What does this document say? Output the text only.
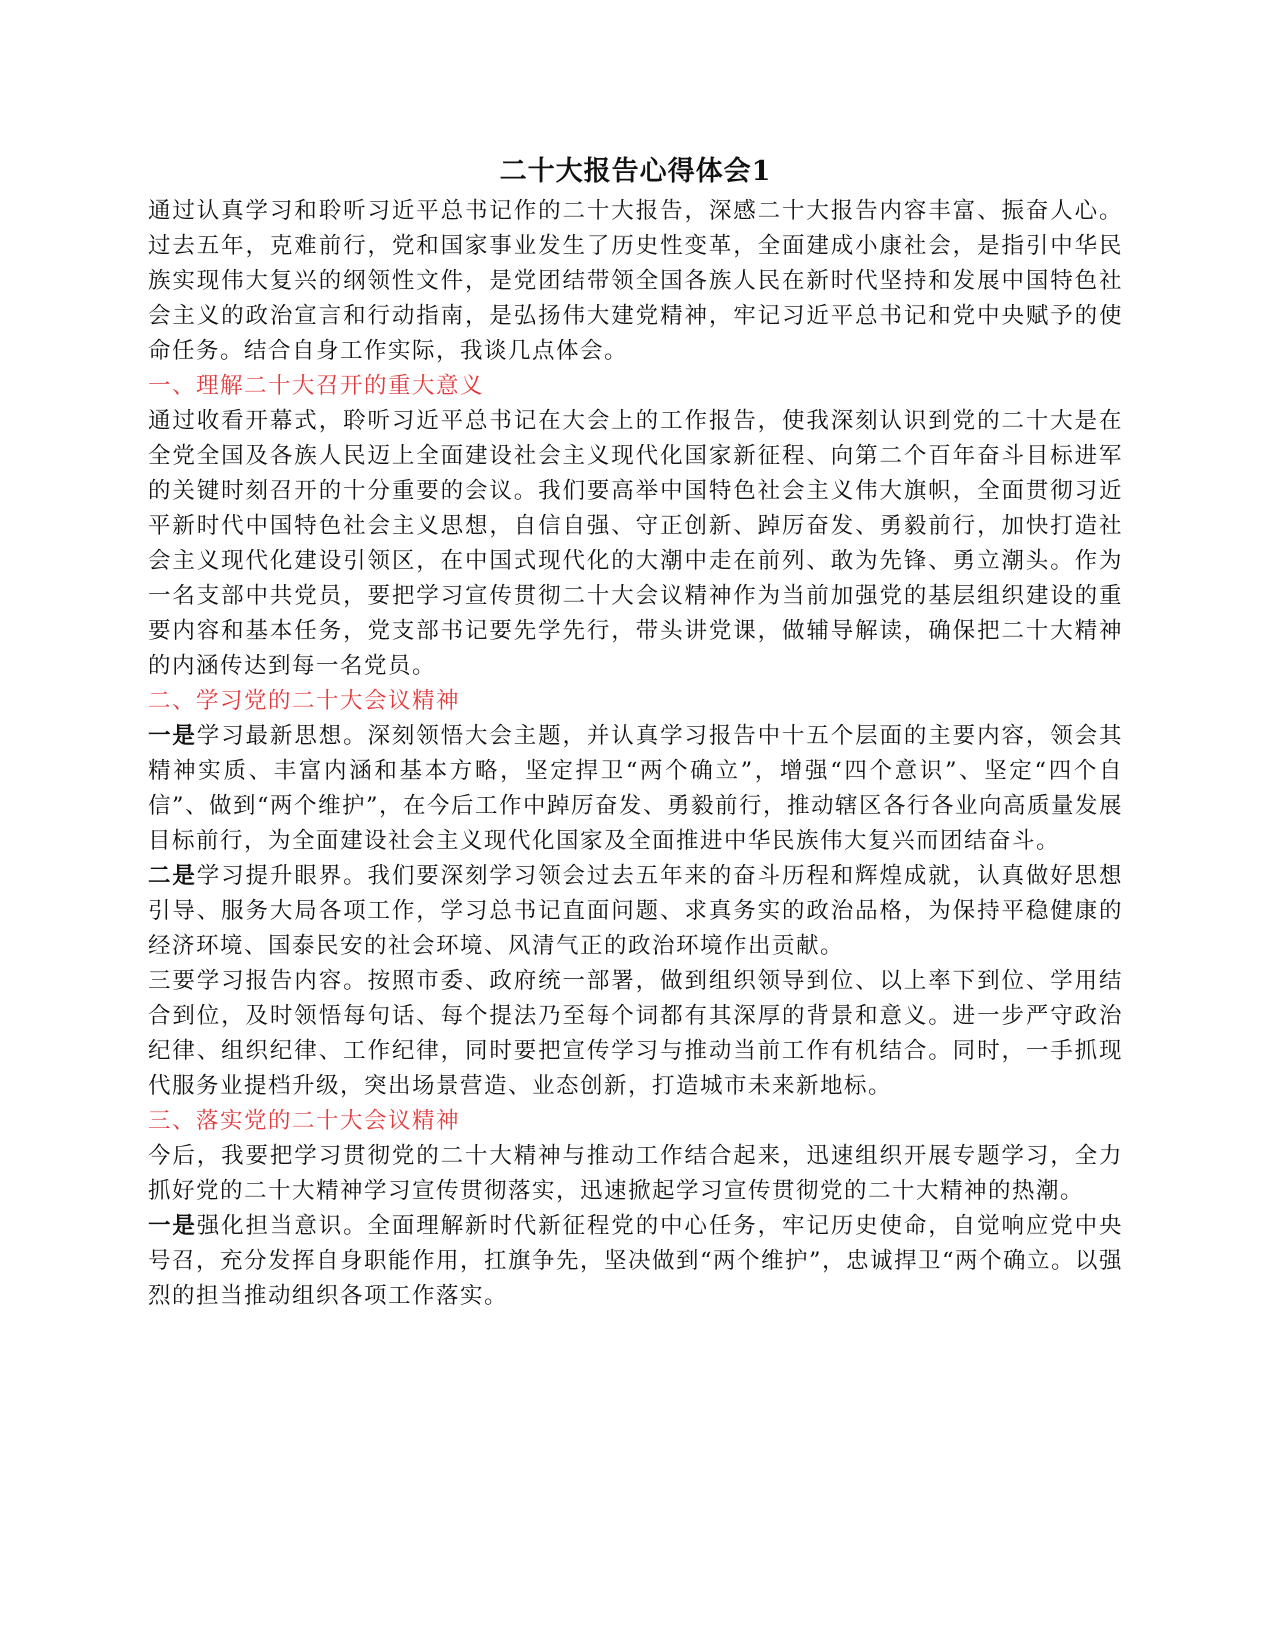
二十大报告心得体会1

通过认真学习和聆听习近平总书记作的二十大报告，深感二十大报告内容丰富、振奋人心。过去五年，克难前行，党和国家事业发生了历史性变革，全面建成小康社会，是指引中华民族实现伟大复兴的纲领性文件，是党团结带领全国各族人民在新时代坚持和发展中国特色社会主义的政治宣言和行动指南，是弘扬伟大建党精神，牢记习近平总书记和党中央赋予的使命任务。结合自身工作实际，我谈几点体会。

一、理解二十大召开的重大意义

通过收看开幕式，聆听习近平总书记在大会上的工作报告，使我深刻认识到党的二十大是在全党全国及各族人民迈上全面建设社会主义现代化国家新征程、向第二个百年奋斗目标进军的关键时刻召开的十分重要的会议。我们要高举中国特色社会主义伟大旗帜，全面贯彻习近平新时代中国特色社会主义思想，自信自强、守正创新、踔厉奋发、勇毅前行，加快打造社会主义现代化建设引领区，在中国式现代化的大潮中走在前列、敢为先锋、勇立潮头。作为一名支部中共党员，要把学习宣传贯彻二十大会议精神作为当前加强党的基层组织建设的重要内容和基本任务，党支部书记要先学先行，带头讲党课，做辅导解读，确保把二十大精神的内涵传达到每一名党员。

二、学习党的二十大会议精神

一是学习最新思想。深刻领悟大会主题，并认真学习报告中十五个层面的主要内容，领会其精神实质、丰富内涵和基本方略，坚定捍卫“两个确立”，增强“四个意识”、坚定“四个自信”、做到“两个维护”，在今后工作中踔厉奋发、勇毅前行，推动辖区各行各业向高质量发展目标前行，为全面建设社会主义现代化国家及全面推进中华民族伟大复兴而团结奋斗。

二是学习提升眼界。我们要深刻学习领会过去五年来的奋斗历程和辉煌成就，认真做好思想引导、服务大局各项工作，学习总书记直面问题、求真务实的政治品格，为保持平稳健康的经济环境、国泰民安的社会环境、风清气正的政治环境作出贡献。

三要学习报告内容。按照市委、政府统一部署，做到组织领导到位、以上率下到位、学用结合到位，及时领悟每句话、每个提法乃至每个词都有其深厚的背景和意义。进一步严守政治纪律、组织纪律、工作纪律，同时要把宣传学习与推动当前工作有机结合。同时，一手抓现代服务业提档升级，突出场景营造、业态创新，打造城市未来新地标。

三、落实党的二十大会议精神

今后，我要把学习贯彻党的二十大精神与推动工作结合起来，迅速组织开展专题学习，全力抓好党的二十大精神学习宣传贯彻落实，迅速掀起学习宣传贯彻党的二十大精神的热潮。

一是强化担当意识。全面理解新时代新征程党的中心任务，牢记历史使命，自觉响应党中央号召，充分发挥自身职能作用，扛旗争先，坚决做到“两个维护”，忠诚捍卫“两个确立。以强烈的担当推动组织各项工作落实。
